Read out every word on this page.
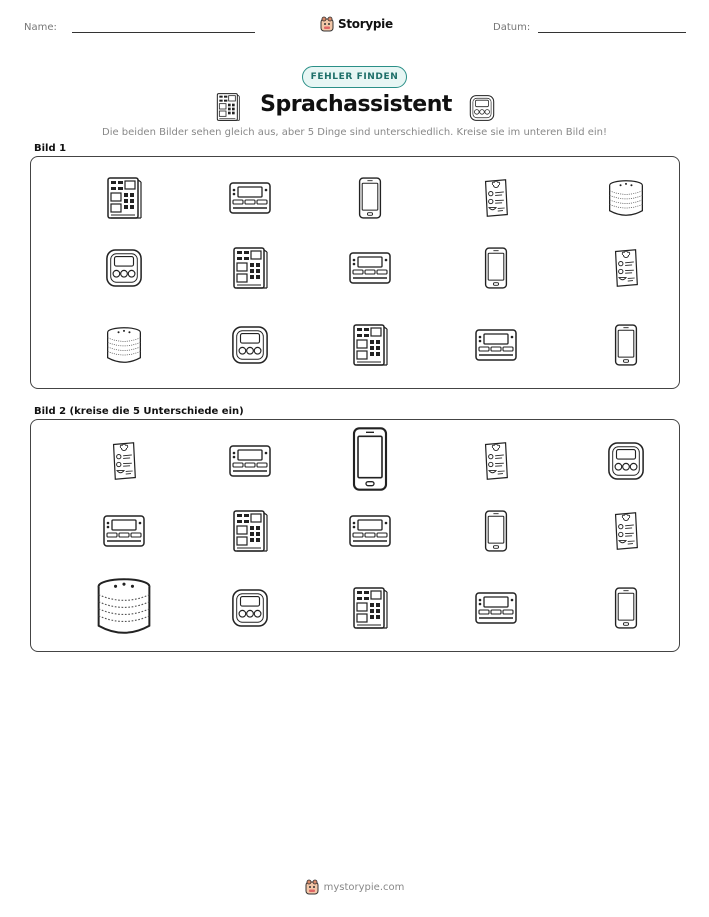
Name:	Storypie	Datum:
FEHLER FINDEN
Sprachassistent
Die beiden Bilder sehen gleich aus, aber 5 Dinge sind unterschiedlich. Kreise sie im unteren Bild ein!
Bild 1
Bild 2 (kreise die 5 Unterschiede ein)
mystorypie.com
